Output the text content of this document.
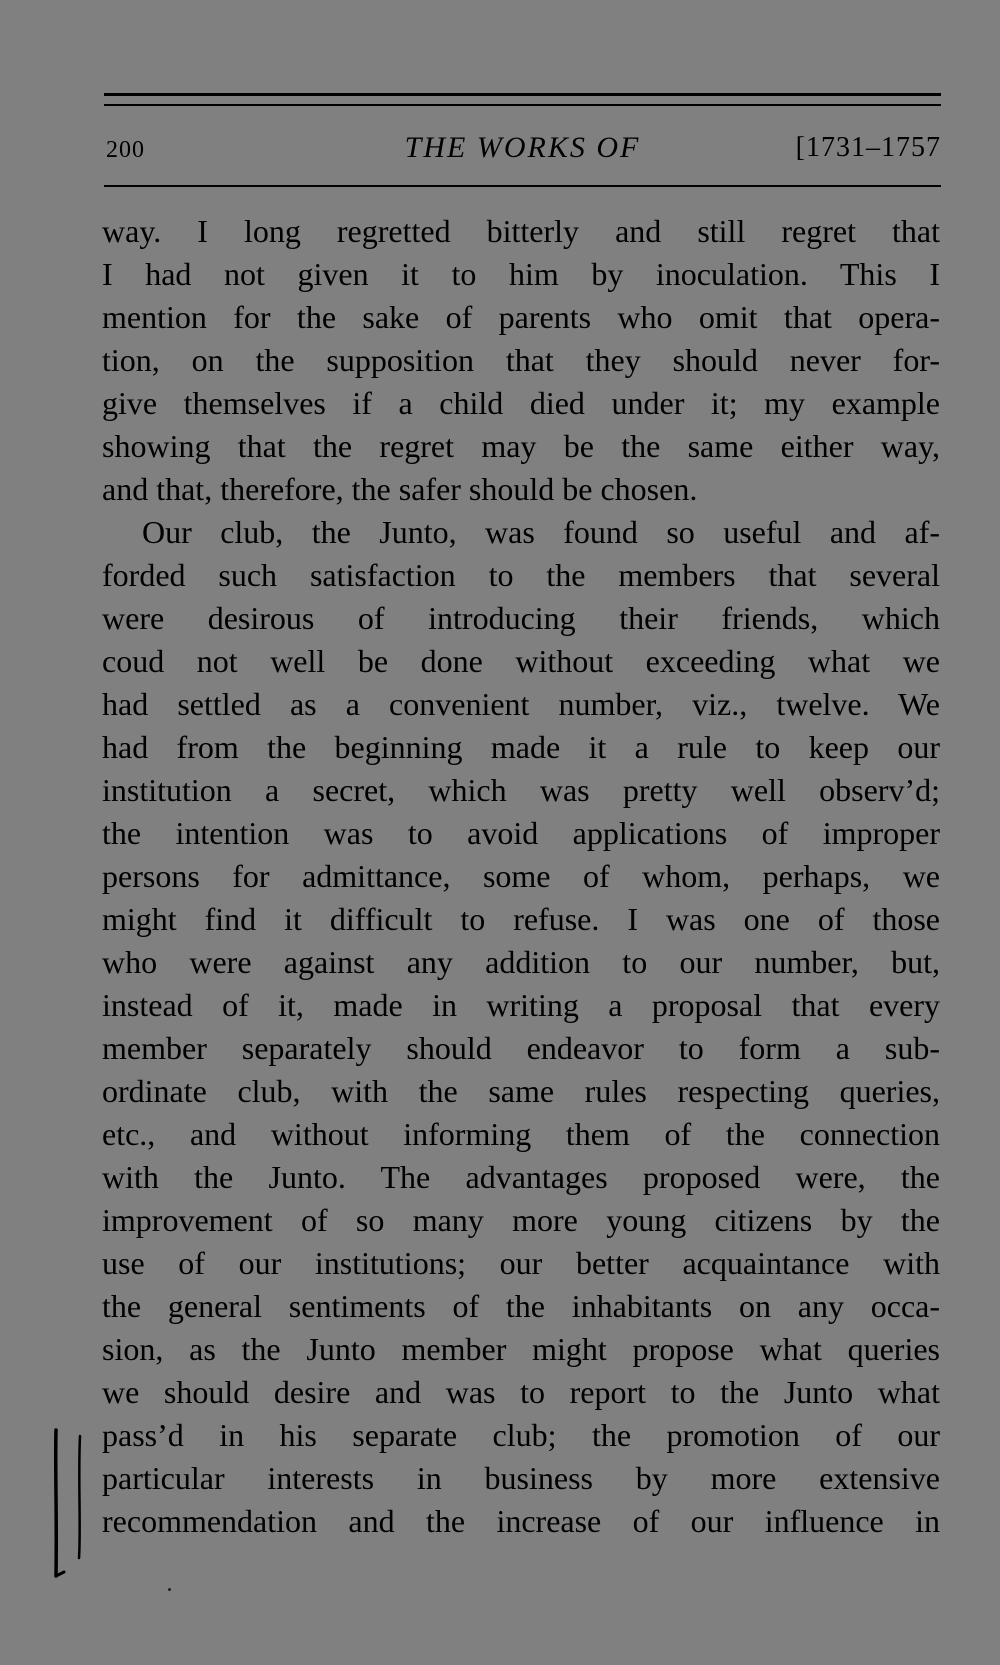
200	THE WORKS OF	[1731–1757
way. I long regretted bitterly and still regret that
I had not given it to him by inoculation. This I
mention for the sake of parents who omit that opera-
tion, on the supposition that they should never for-
give themselves if a child died under it; my example
showing that the regret may be the same either way,
and that, therefore, the safer should be chosen.
Our club, the Junto, was found so useful and af-
forded such satisfaction to the members that several
were desirous of introducing their friends, which
coud not well be done without exceeding what we
had settled as a convenient number, viz., twelve. We
had from the beginning made it a rule to keep our
institution a secret, which was pretty well observ’d;
the intention was to avoid applications of improper
persons for admittance, some of whom, perhaps, we
might find it difficult to refuse. I was one of those
who were against any addition to our number, but,
instead of it, made in writing a proposal that every
member separately should endeavor to form a sub-
ordinate club, with the same rules respecting queries,
etc., and without informing them of the connection
with the Junto. The advantages proposed were, the
improvement of so many more young citizens by the
use of our institutions; our better acquaintance with
the general sentiments of the inhabitants on any occa-
sion, as the Junto member might propose what queries
we should desire and was to report to the Junto what
pass’d in his separate club; the promotion of our
particular interests in business by more extensive
recommendation and the increase of our influence in
